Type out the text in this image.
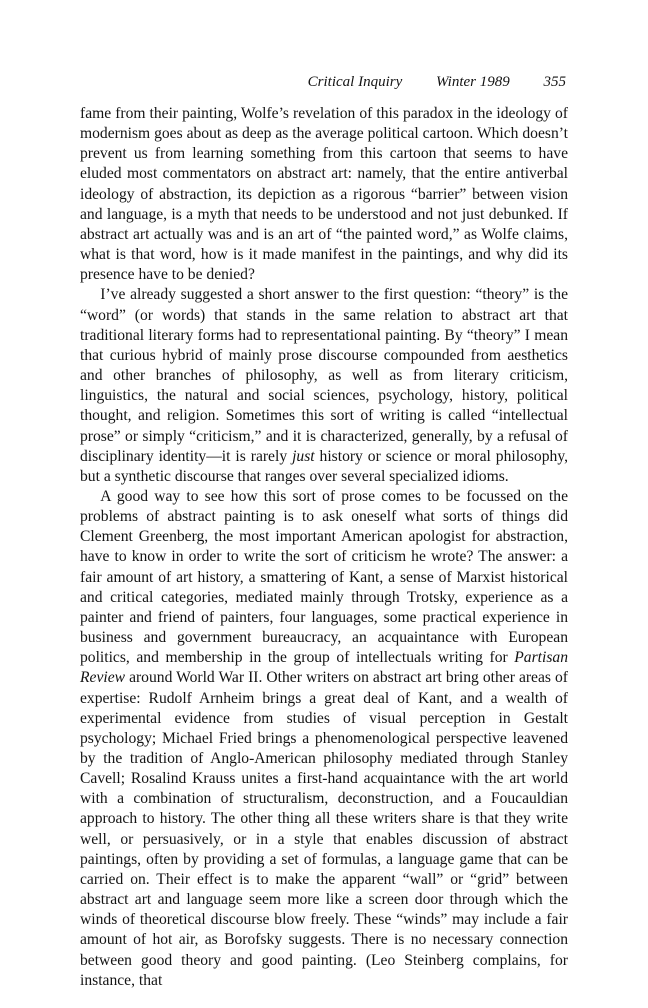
Critical Inquiry Winter 1989 355

fame from their painting, Wolfe’s revelation of this paradox in the ideology of modernism goes about as deep as the average political cartoon. Which doesn’t prevent us from learning something from this cartoon that seems to have eluded most commentators on abstract art: namely, that the entire antiverbal ideology of abstraction, its depiction as a rigorous “barrier” between vision and language, is a myth that needs to be understood and not just debunked. If abstract art actually was and is an art of “the painted word,” as Wolfe claims, what is that word, how is it made manifest in the paintings, and why did its presence have to be denied?

I’ve already suggested a short answer to the first question: “theory” is the “word” (or words) that stands in the same relation to abstract art that traditional literary forms had to representational painting. By “theory” I mean that curious hybrid of mainly prose discourse compounded from aesthetics and other branches of philosophy, as well as from literary criticism, linguistics, the natural and social sciences, psychology, history, political thought, and religion. Sometimes this sort of writing is called “intellectual prose” or simply “criticism,” and it is characterized, generally, by a refusal of disciplinary identity—it is rarely just history or science or moral philosophy, but a synthetic discourse that ranges over several specialized idioms.

A good way to see how this sort of prose comes to be focussed on the problems of abstract painting is to ask oneself what sorts of things did Clement Greenberg, the most important American apologist for abstraction, have to know in order to write the sort of criticism he wrote? The answer: a fair amount of art history, a smattering of Kant, a sense of Marxist historical and critical categories, mediated mainly through Trotsky, experience as a painter and friend of painters, four languages, some practical experience in business and government bureaucracy, an acquaintance with European politics, and membership in the group of intellectuals writing for Partisan Review around World War II. Other writers on abstract art bring other areas of expertise: Rudolf Arnheim brings a great deal of Kant, and a wealth of experimental evidence from studies of visual perception in Gestalt psychology; Michael Fried brings a phenomenological perspective leavened by the tradition of Anglo-American philosophy mediated through Stanley Cavell; Rosalind Krauss unites a first-hand acquaintance with the art world with a combination of structuralism, deconstruction, and a Foucauldian approach to history. The other thing all these writers share is that they write well, or persuasively, or in a style that enables discussion of abstract paintings, often by providing a set of formulas, a language game that can be carried on. Their effect is to make the apparent “wall” or “grid” between abstract art and language seem more like a screen door through which the winds of theoretical discourse blow freely. These “winds” may include a fair amount of hot air, as Borofsky suggests. There is no necessary connection between good theory and good painting. (Leo Steinberg complains, for instance, that
